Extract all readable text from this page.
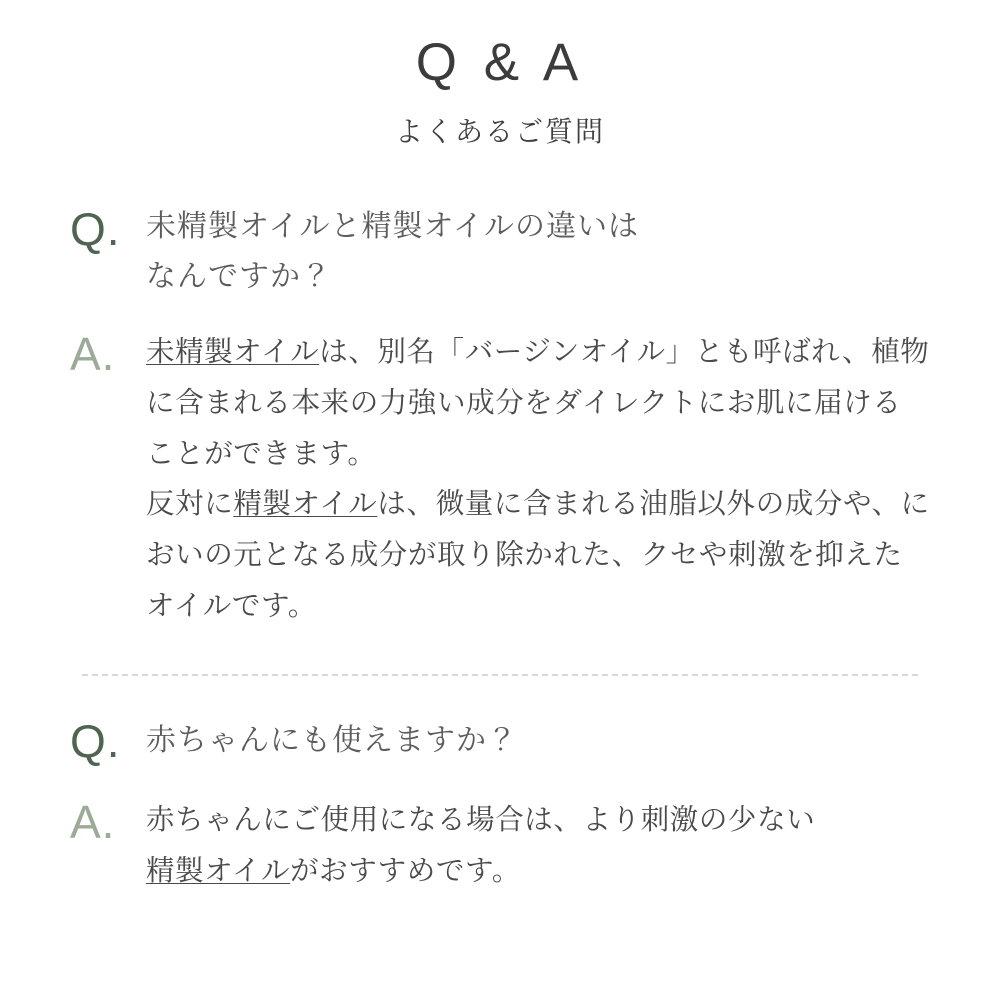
Q & A
よくあるご質問
Q. 未精製オイルと精製オイルの違いは
なんですか？
A.	未精製オイルは、別名「バージンオイル」とも呼ばれ、植物に含まれる本来の力強い成分をダイレクトにお肌に届けることができます。
反対に精製オイルは、微量に含まれる油脂以外の成分や、においの元となる成分が取り除かれた、クセや刺激を抑えたオイルです。
Q. 赤ちゃんにも使えますか？
A.	赤ちゃんにご使用になる場合は、より刺激の少ない
精製オイルがおすすめです。
